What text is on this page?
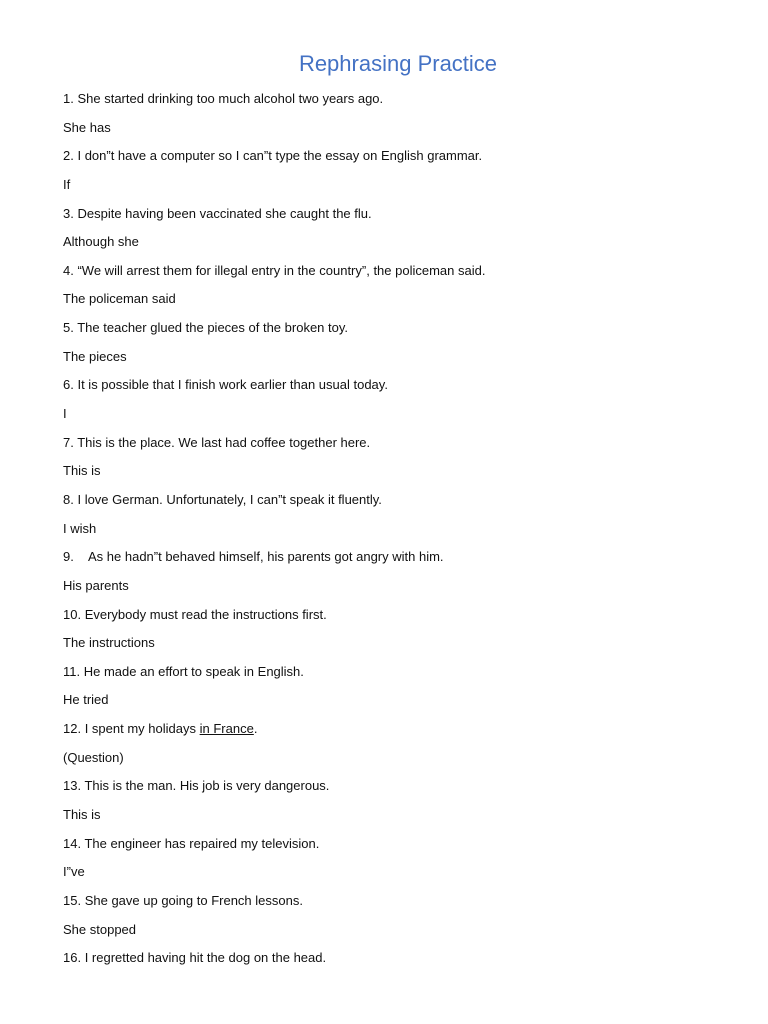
Rephrasing Practice
1. She started drinking too much alcohol two years ago.
She has
2. I don”t have a computer so I can”t type the essay on English grammar.
If
3. Despite having been vaccinated she caught the flu.
Although she
4. “We will arrest them for illegal entry in the country”, the policeman said.
The policeman said
5. The teacher glued the pieces of the broken toy.
The pieces
6. It is possible that I finish work earlier than usual today.
I
7. This is the place. We last had coffee together here.
This is
8. I love German. Unfortunately, I can”t speak it fluently.
I wish
9. As he hadn”t behaved himself, his parents got angry with him.
His parents
10. Everybody must read the instructions first.
The instructions
11. He made an effort to speak in English.
He tried
12. I spent my holidays in France.
(Question)
13. This is the man. His job is very dangerous.
This is
14. The engineer has repaired my television.
I”ve
15. She gave up going to French lessons.
She stopped
16. I regretted having hit the dog on the head.
